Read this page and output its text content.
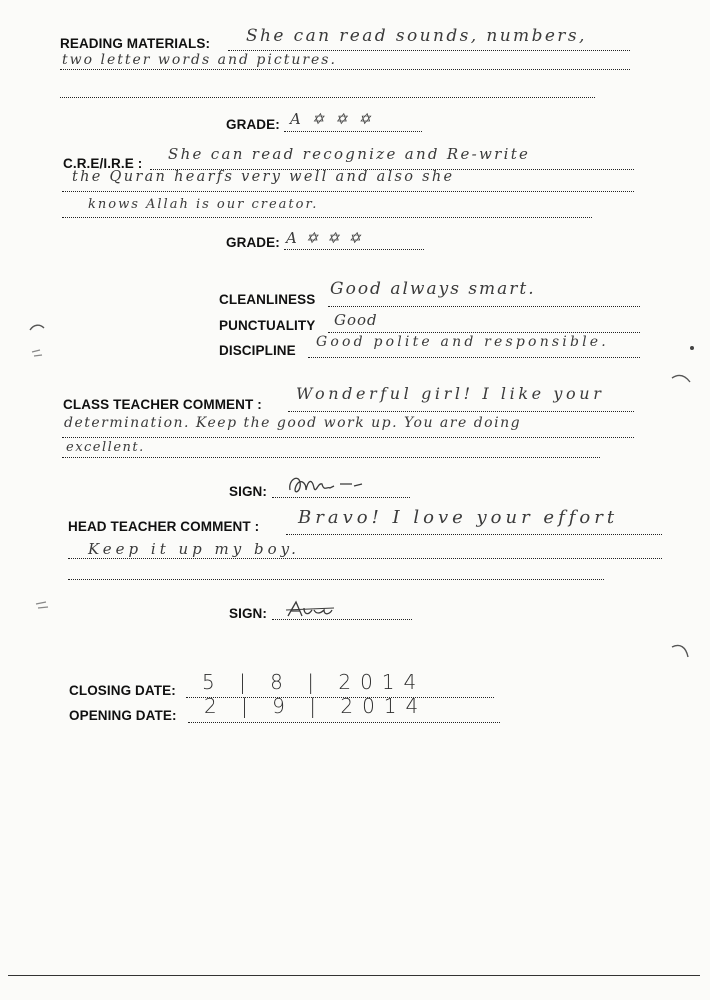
READING MATERIALS: She can read sounds, numbers,
two letter words and pictures.
GRADE: A ✡ ✡ ✡
C.R.E/I.R.E :
She can read recognize and Re-write
the Quran hearfs very well and also she
knows Allah is our creator.
GRADE: A ✡ ✡ ✡
CLEANLINESS
Good always smart.
PUNCTUALITY Good
DISCIPLINE
Good polite and responsible.
CLASS TEACHER COMMENT :
Wonderful girl! I like your
determination. Keep the good work up. You are doing
excellent.
SIGN:
HEAD TEACHER COMMENT : Bravo! I love your effort
Keep it up my boy.
SIGN:
CLOSING DATE: 5 | 8 | 2014
OPENING DATE: 2 | 9 | 2014
